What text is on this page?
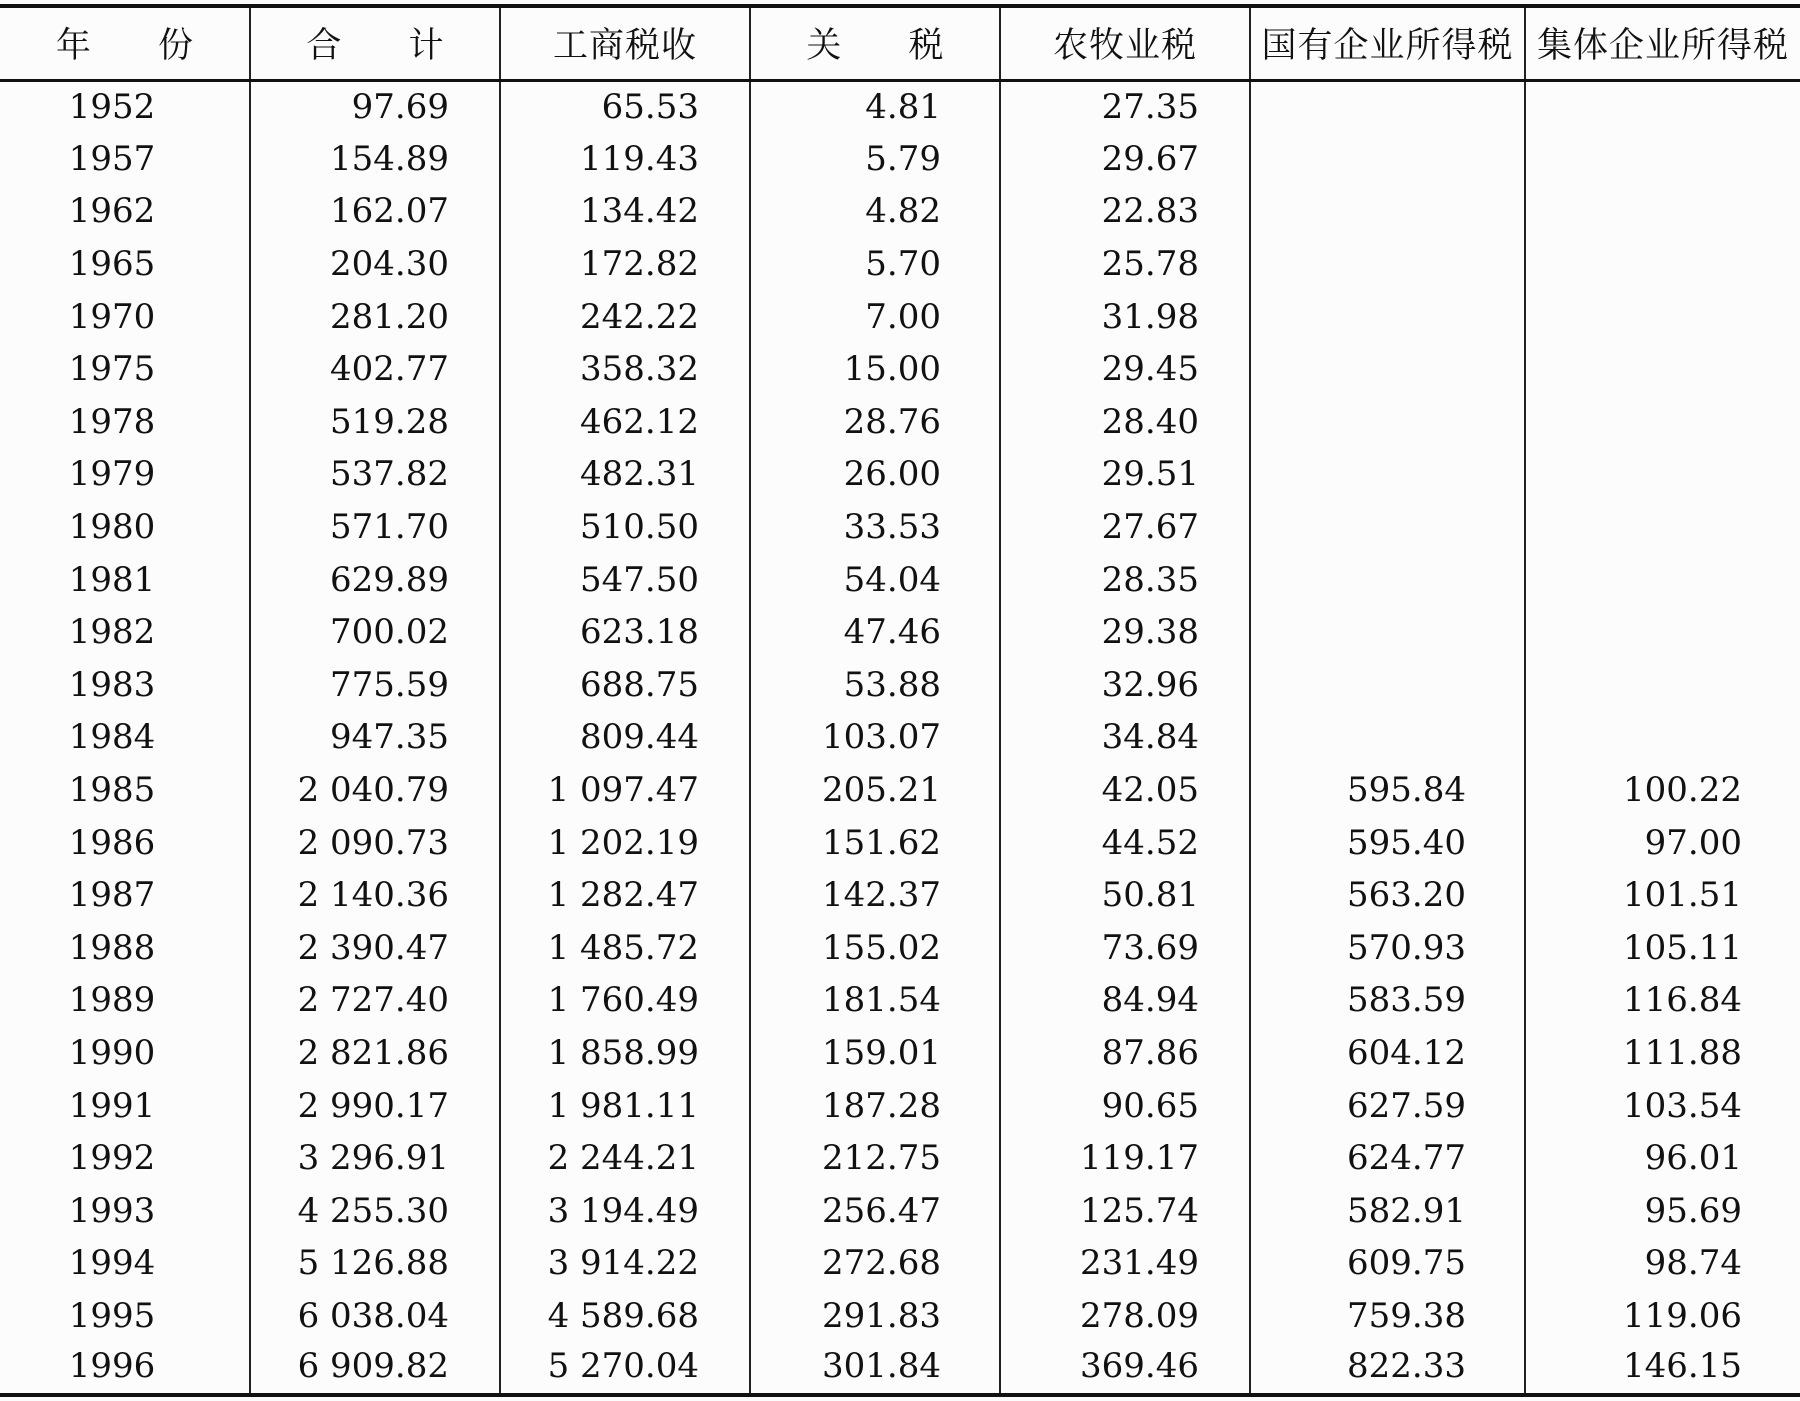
年 份	合 计	工商税收	关 税	农牧业税	国有企业所得税	集体企业所得税
1952	97.69	65.53	4.81	27.35		
1957	154.89	119.43	5.79	29.67		
1962	162.07	134.42	4.82	22.83		
1965	204.30	172.82	5.70	25.78		
1970	281.20	242.22	7.00	31.98		
1975	402.77	358.32	15.00	29.45		
1978	519.28	462.12	28.76	28.40		
1979	537.82	482.31	26.00	29.51		
1980	571.70	510.50	33.53	27.67		
1981	629.89	547.50	54.04	28.35		
1982	700.02	623.18	47.46	29.38		
1983	775.59	688.75	53.88	32.96		
1984	947.35	809.44	103.07	34.84		
1985	2 040.79	1 097.47	205.21	42.05	595.84	100.22
1986	2 090.73	1 202.19	151.62	44.52	595.40	97.00
1987	2 140.36	1 282.47	142.37	50.81	563.20	101.51
1988	2 390.47	1 485.72	155.02	73.69	570.93	105.11
1989	2 727.40	1 760.49	181.54	84.94	583.59	116.84
1990	2 821.86	1 858.99	159.01	87.86	604.12	111.88
1991	2 990.17	1 981.11	187.28	90.65	627.59	103.54
1992	3 296.91	2 244.21	212.75	119.17	624.77	96.01
1993	4 255.30	3 194.49	256.47	125.74	582.91	95.69
1994	5 126.88	3 914.22	272.68	231.49	609.75	98.74
1995	6 038.04	4 589.68	291.83	278.09	759.38	119.06
1996	6 909.82	5 270.04	301.84	369.46	822.33	146.15
